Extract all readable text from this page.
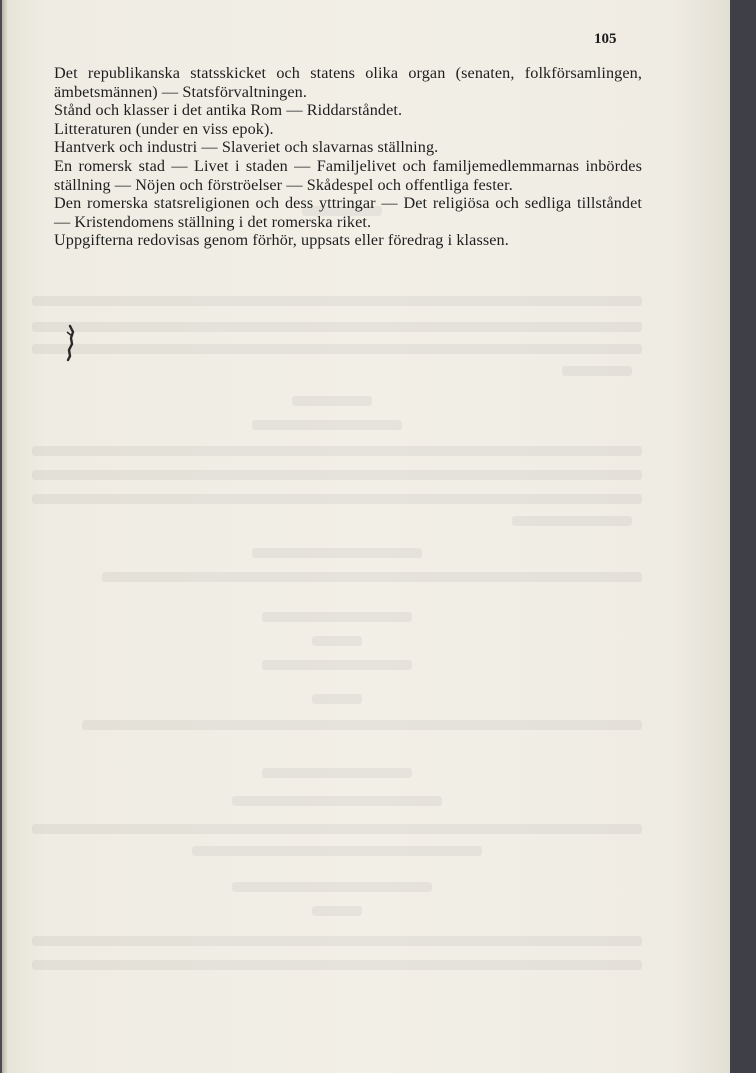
105

Det republikanska statsskicket och statens olika organ (senaten, folkförsamlingen, ämbetsmännen) — Statsförvaltningen.

Stånd och klasser i det antika Rom — Riddarståndet.

Litteraturen (under en viss epok).

Hantverk och industri — Slaveriet och slavarnas ställning.

En romersk stad — Livet i staden — Familjelivet och familjemedlemmarnas inbördes ställning — Nöjen och förströelser — Skådespel och offentliga fester.

Den romerska statsreligionen och dess yttringar — Det religiösa och sedliga tillståndet — Kristendomens ställning i det romerska riket.

Uppgifterna redovisas genom förhör, uppsats eller föredrag i klassen.
